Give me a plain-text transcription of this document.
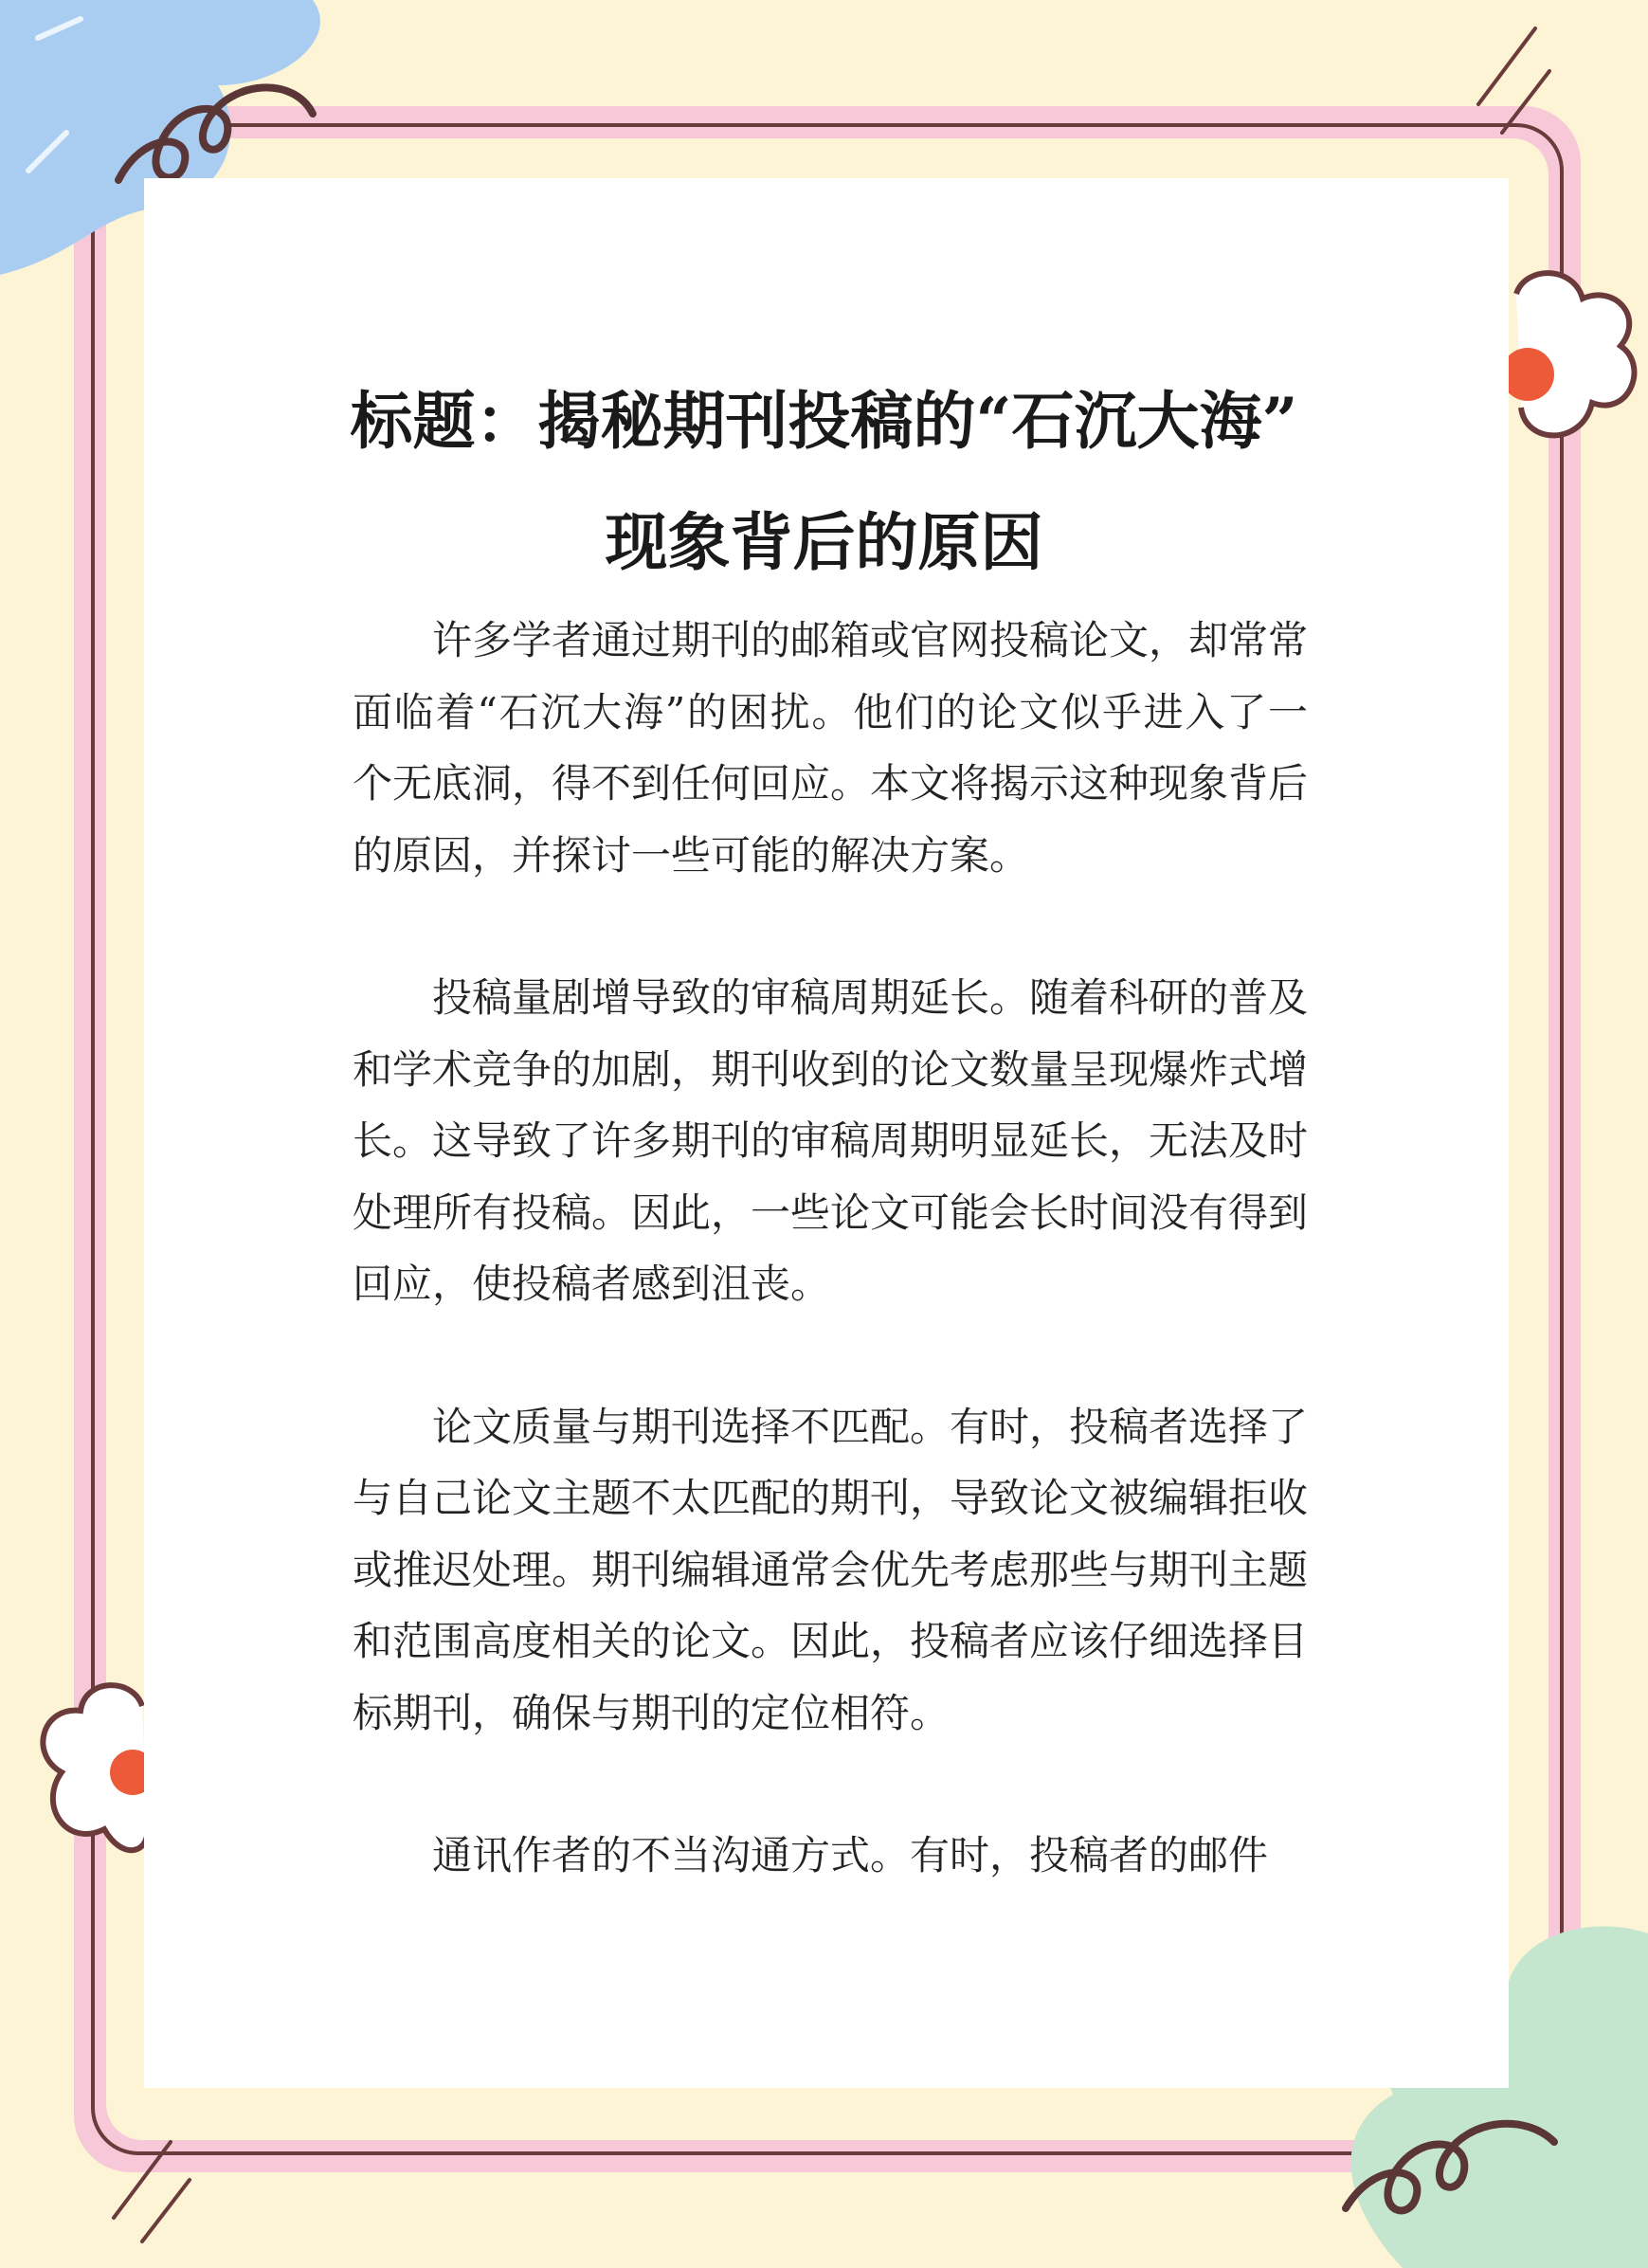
标题：揭秘期刊投稿的“石沉大海”
现象背后的原因

许多学者通过期刊的邮箱或官网投稿论文，却常常面临着“石沉大海”的困扰。他们的论文似乎进入了一个无底洞，得不到任何回应。本文将揭示这种现象背后的原因，并探讨一些可能的解决方案。

投稿量剧增导致的审稿周期延长。随着科研的普及和学术竞争的加剧，期刊收到的论文数量呈现爆炸式增长。这导致了许多期刊的审稿周期明显延长，无法及时处理所有投稿。因此，一些论文可能会长时间没有得到回应，使投稿者感到沮丧。

论文质量与期刊选择不匹配。有时，投稿者选择了与自己论文主题不太匹配的期刊，导致论文被编辑拒收或推迟处理。期刊编辑通常会优先考虑那些与期刊主题和范围高度相关的论文。因此，投稿者应该仔细选择目标期刊，确保与期刊的定位相符。

通讯作者的不当沟通方式。有时，投稿者的邮件
